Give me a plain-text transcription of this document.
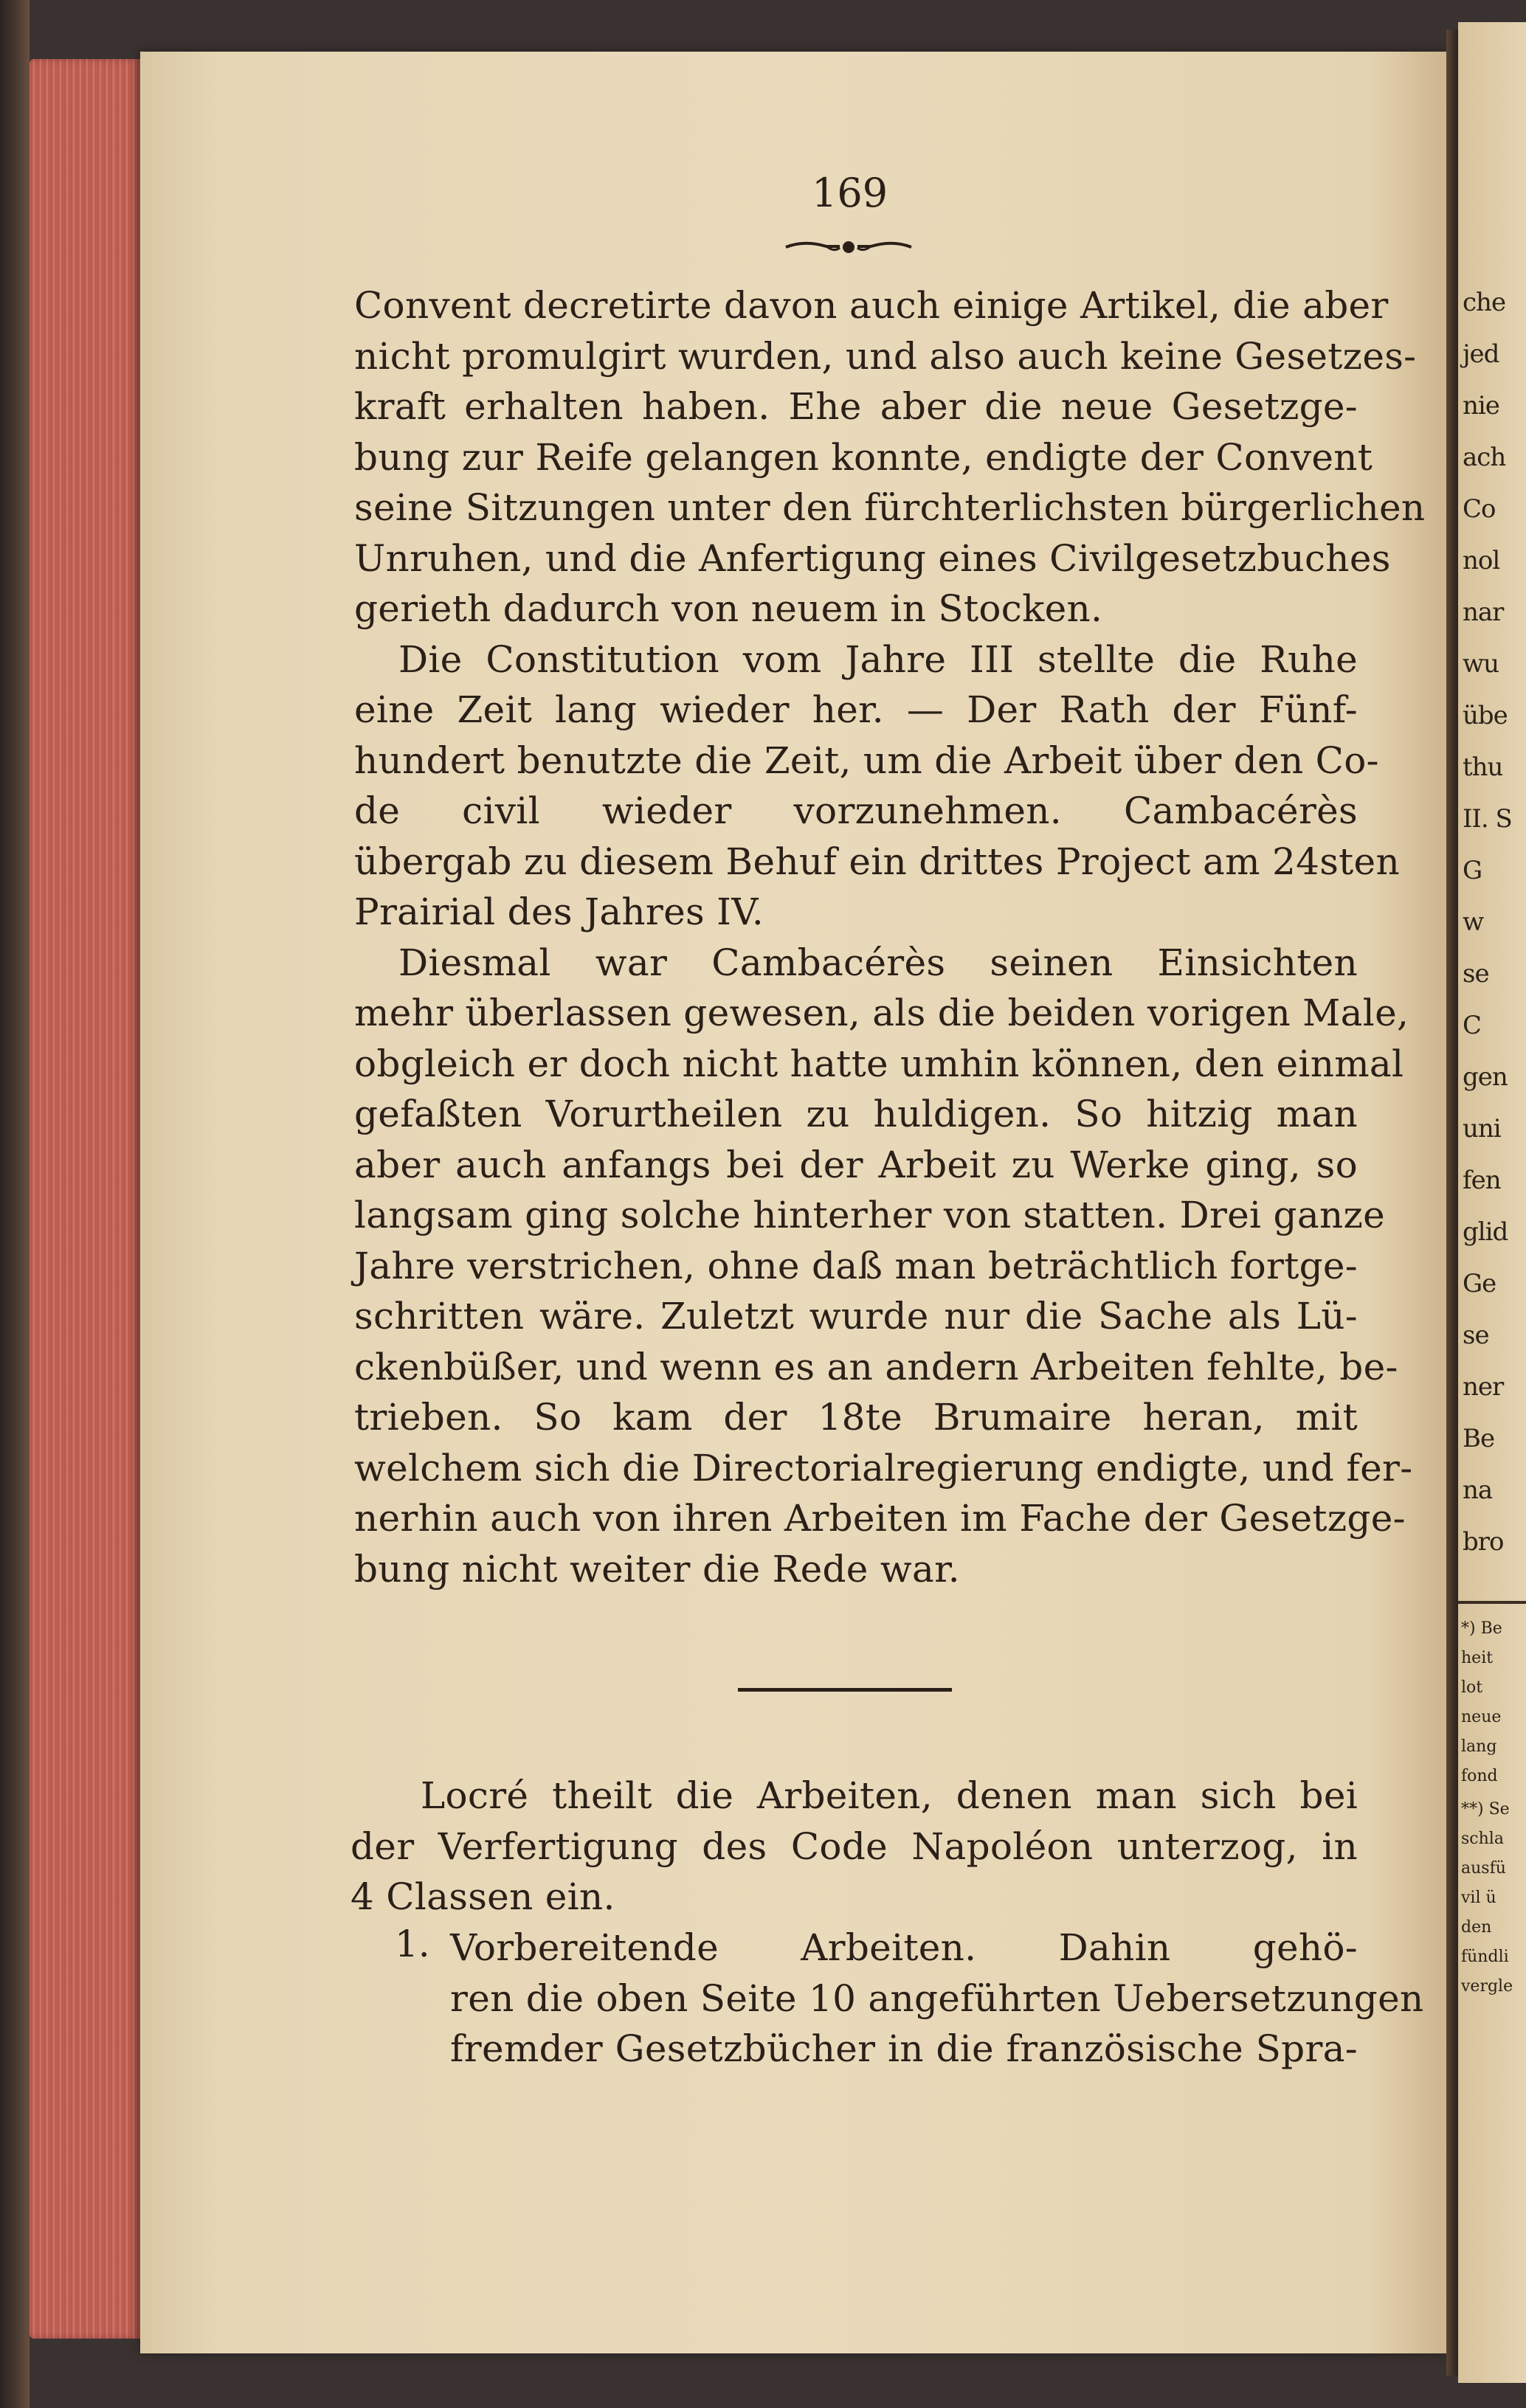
169
Convent decretirte davon auch einige Artikel, die aber
nicht promulgirt wurden, und also auch keine Gesetzes-
kraft erhalten haben. Ehe aber die neue Gesetzge-
bung zur Reife gelangen konnte, endigte der Convent
seine Sitzungen unter den fürchterlichsten bürgerlichen
Unruhen, und die Anfertigung eines Civilgesetzbuches
gerieth dadurch von neuem in Stocken.
Die Constitution vom Jahre III stellte die Ruhe
eine Zeit lang wieder her. — Der Rath der Fünf-
hundert benutzte die Zeit, um die Arbeit über den Co-
de civil wieder vorzunehmen. Cambacérès
übergab zu diesem Behuf ein drittes Project am 24sten
Prairial des Jahres IV.
Diesmal war Cambacérès seinen Einsichten
mehr überlassen gewesen, als die beiden vorigen Male,
obgleich er doch nicht hatte umhin können, den einmal
gefaßten Vorurtheilen zu huldigen. So hitzig man
aber auch anfangs bei der Arbeit zu Werke ging, so
langsam ging solche hinterher von statten. Drei ganze
Jahre verstrichen, ohne daß man beträchtlich fortge-
schritten wäre. Zuletzt wurde nur die Sache als Lü-
ckenbüßer, und wenn es an andern Arbeiten fehlte, be-
trieben. So kam der 18te Brumaire heran, mit
welchem sich die Directorialregierung endigte, und fer-
nerhin auch von ihren Arbeiten im Fache der Gesetzge-
bung nicht weiter die Rede war.
Locré theilt die Arbeiten, denen man sich bei
der Verfertigung des Code Napoléon unterzog, in
4 Classen ein.
1. Vorbereitende Arbeiten. Dahin gehö-
ren die oben Seite 10 angeführten Uebersetzungen
fremder Gesetzbücher in die französische Spra-
che
jed
nie
ach
Co
nol
nar
wu
übe
thu
II. S
G
w
se
C
gen
uni
fen
glid
Ge
se
ner
Be
na
bro
*) Be
heit
lot
neue
lang
fond
**) Se
schla
ausfü
vil ü
den
fündli
vergle
